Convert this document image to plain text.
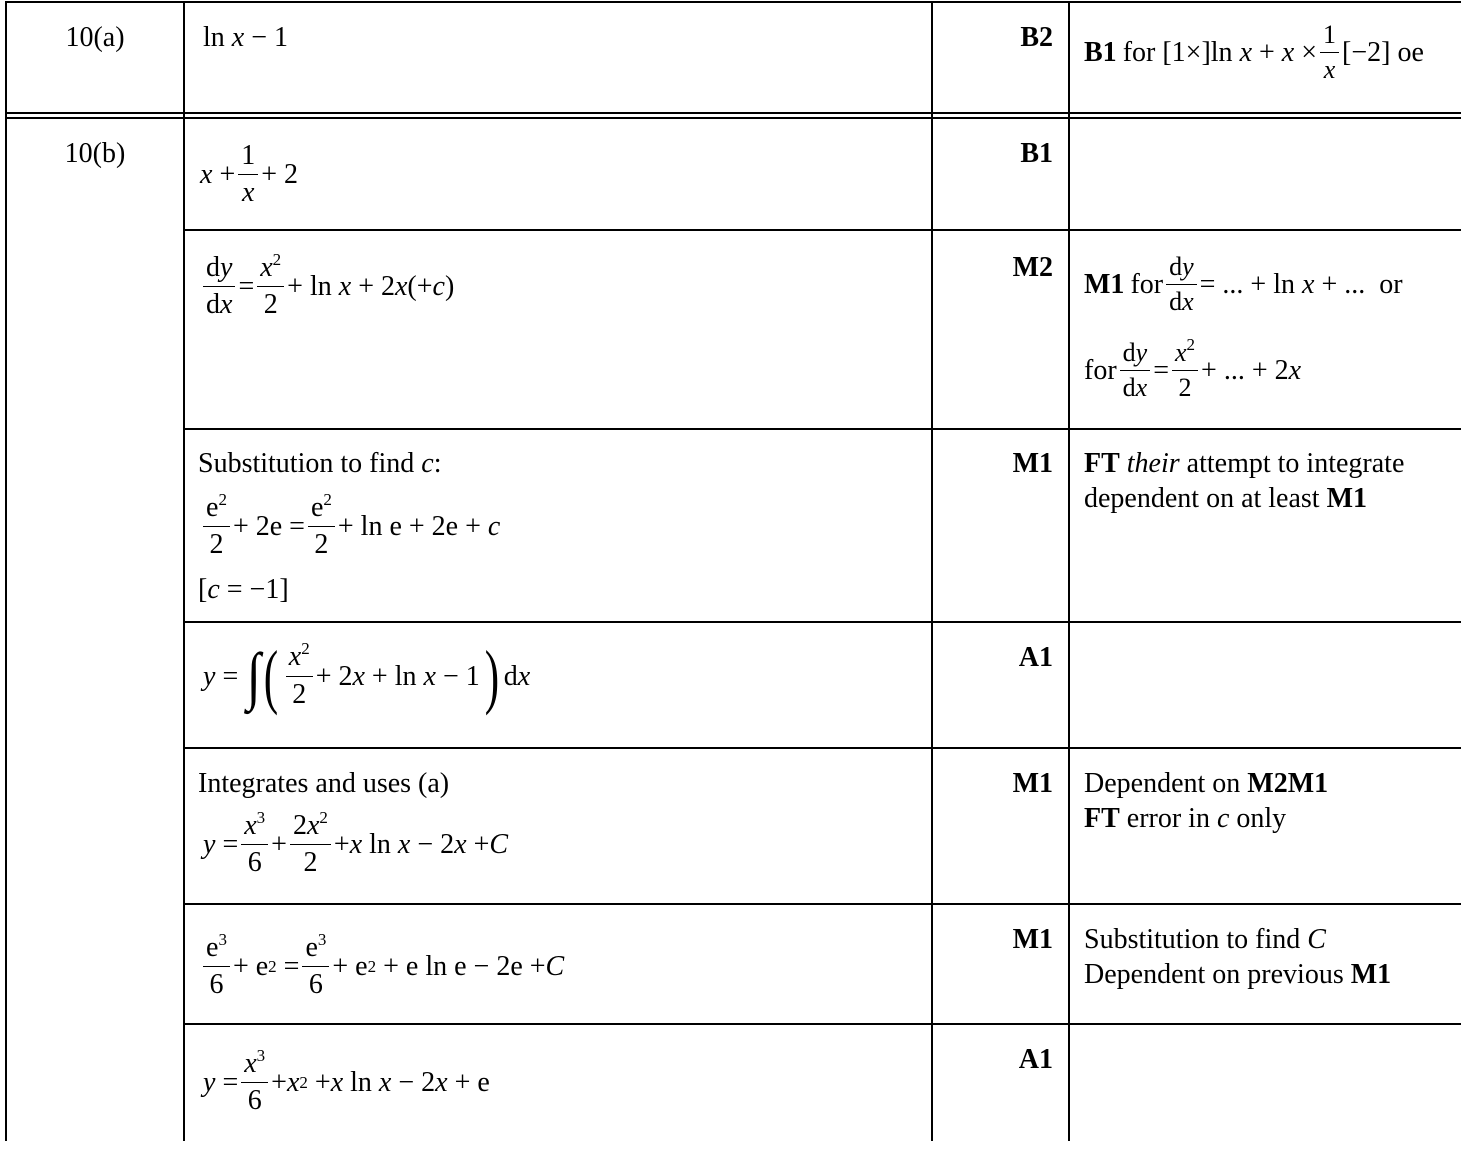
10(a)	ln x − 1	B2 B1 for [1×]ln $x + x \times \frac{1}{x} [-2]$ oe
10(b)
$x + \frac{1}{x} + 2$
B1
$\frac{dy}{dx} = \frac{x^2}{2} + \ln x + 2$ x (+ c )
M2
M1 for $\frac{dy}{dx}$ = ... + ln x + ...  or
for $\frac{dy}{dx} = \frac{x^2}{2}$ + ... + 2 x
Substitution to find c:
$\frac{e^2}{2} + 2e = \frac{e^2}{2} + \ln e + 2e + c$
[c = −1]
M1 FT their attempt to integrate
dependent on at least M1
y = ∫ ( $\frac{x^2}{2} + 2$ x + ln x − 1 ) d x
A1
Integrates and uses (a)
$y = \frac{x^3}{6} + \frac{2x^2}{2} + x$ ln x − 2 x + C
M1 Dependent on M2M1
FT error in c only
$\frac{e^3}{6} + e$ $2 = \frac{e^3}{6} + e$ 2 + e ln e − 2e + C
M1 Substitution to find C
Dependent on previous M1
$y = \frac{x^3}{6} + x$ 2 + x ln x − 2 x + e
A1
